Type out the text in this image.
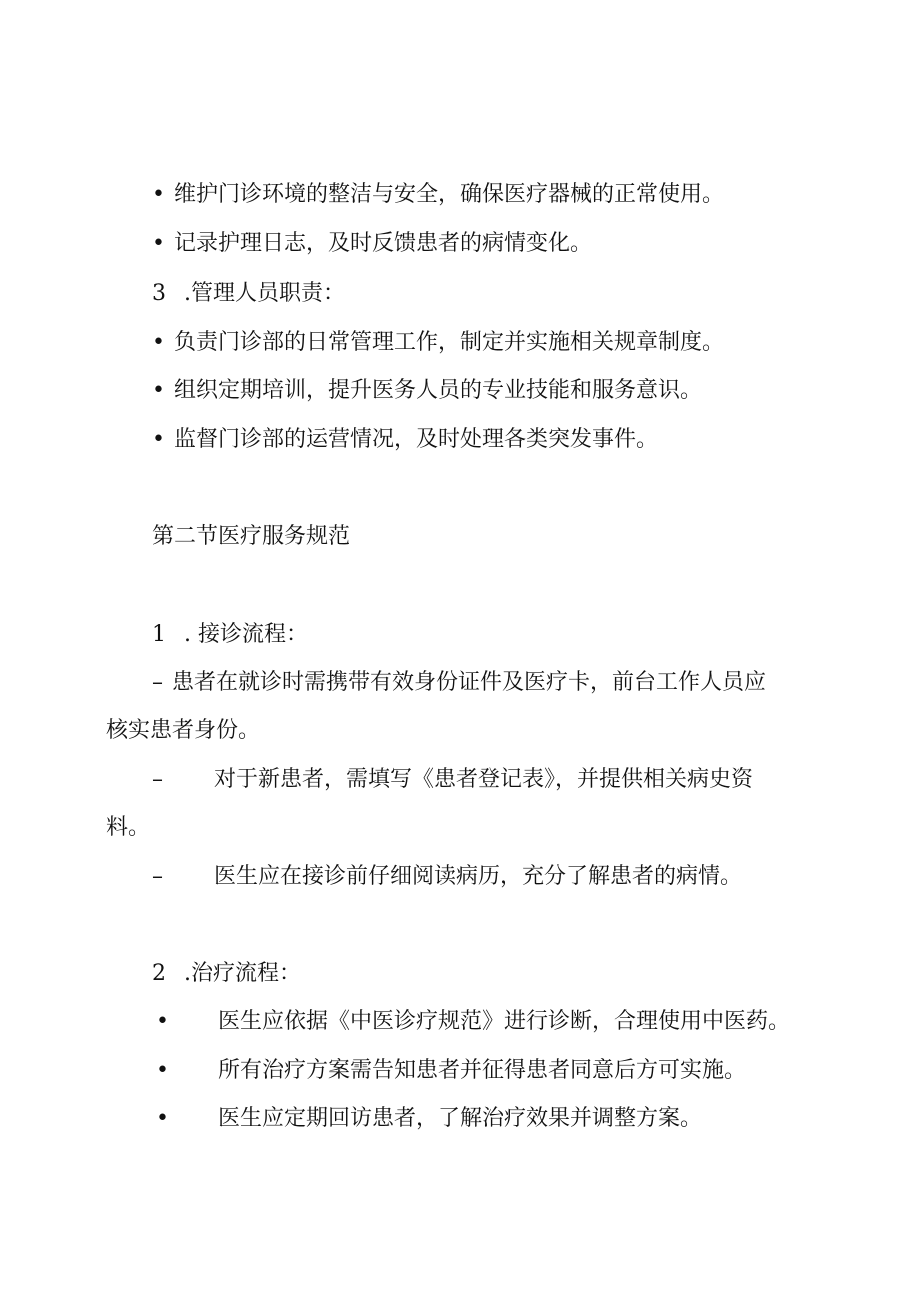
• 维护门诊环境的整洁与安全，确保医疗器械的正常使用。
• 记录护理日志，及时反馈患者的病情变化。
3 .管理人员职责：
• 负责门诊部的日常管理工作，制定并实施相关规章制度。
• 组织定期培训，提升医务人员的专业技能和服务意识。
• 监督门诊部的运营情况，及时处理各类突发事件。
第二节医疗服务规范
1 . 接诊流程：
– 患者在就诊时需携带有效身份证件及医疗卡，前台工作人员应
核实患者身份。
– 对于新患者，需填写《患者登记表》，并提供相关病史资
料。
– 医生应在接诊前仔细阅读病历，充分了解患者的病情。
2 .治疗流程：
• 医生应依据《中医诊疗规范》进行诊断，合理使用中医药。
• 所有治疗方案需告知患者并征得患者同意后方可实施。
• 医生应定期回访患者，了解治疗效果并调整方案。
